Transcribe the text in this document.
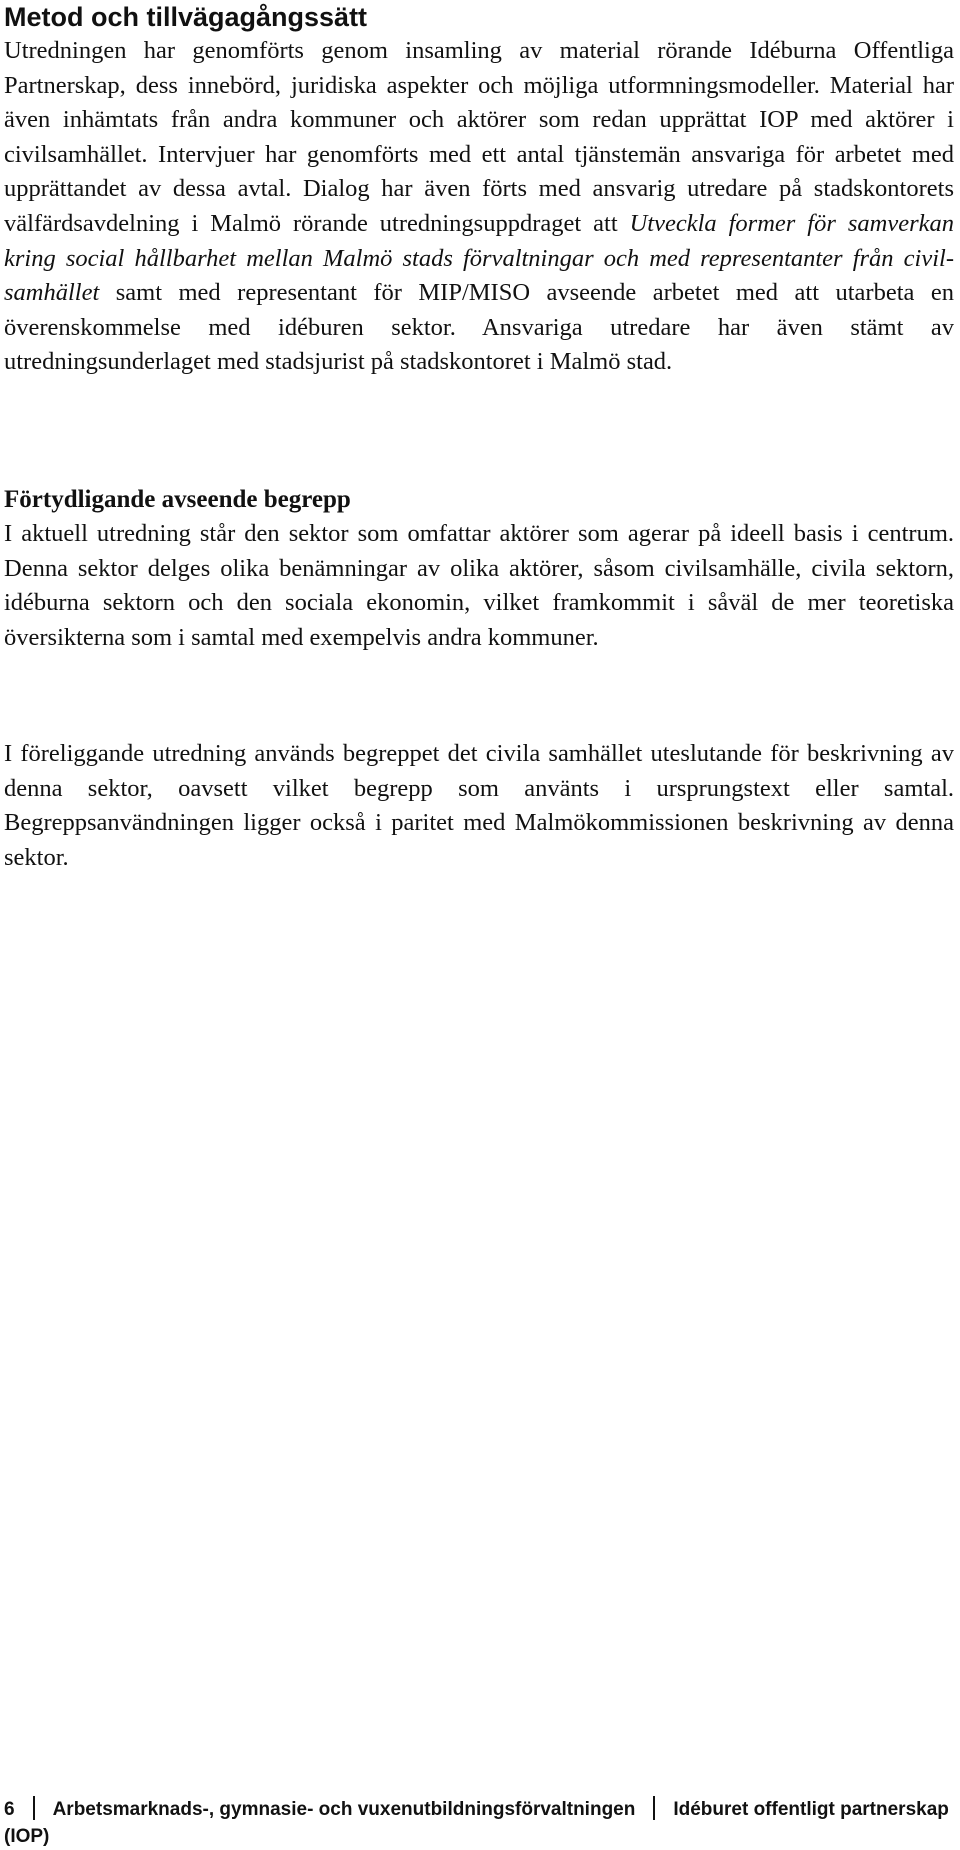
Metod och tillvägagångssätt

Utredningen har genomförts genom insamling av material rörande Idéburna Offentliga Partnerskap, dess innebörd, juridiska aspekter och möjliga utformningsmodeller. Material har även inhämtats från andra kommuner och aktörer som redan upprättat IOP med aktörer i civilsamhället. Intervjuer har genomförts med ett antal tjänstemän ansvariga för arbetet med upprättandet av dessa avtal. Dialog har även förts med ansvarig utredare på stadskontorets välfärdsavdelning i Malmö rörande utredningsuppdraget att Utveckla former för samverkan kring social hållbarhet mellan Malmö stads förvaltningar och med representanter från civilsamhället samt med representant för MIP/MISO avseende arbetet med att utarbeta en överenskommelse med idéburen sektor. Ansvariga utredare har även stämt av utredningsunderlaget med stadsjurist på stadskontoret i Malmö stad.

Förtydligande avseende begrepp

I aktuell utredning står den sektor som omfattar aktörer som agerar på ideell basis i centrum. Denna sektor delges olika benämningar av olika aktörer, såsom civilsamhälle, civila sektorn, idéburna sektorn och den sociala ekonomin, vilket framkommit i såväl de mer teoretiska översikterna som i samtal med exempelvis andra kommuner.

I föreliggande utredning används begreppet det civila samhället uteslutande för beskrivning av denna sektor, oavsett vilket begrepp som använts i ursprungstext eller samtal. Begreppsanvändningen ligger också i paritet med Malmökommissionen beskrivning av denna sektor.

6 Arbetsmarknads-, gymnasie- och vuxenutbildningsförvaltningen Idéburet offentligt partnerskap (IOP)
